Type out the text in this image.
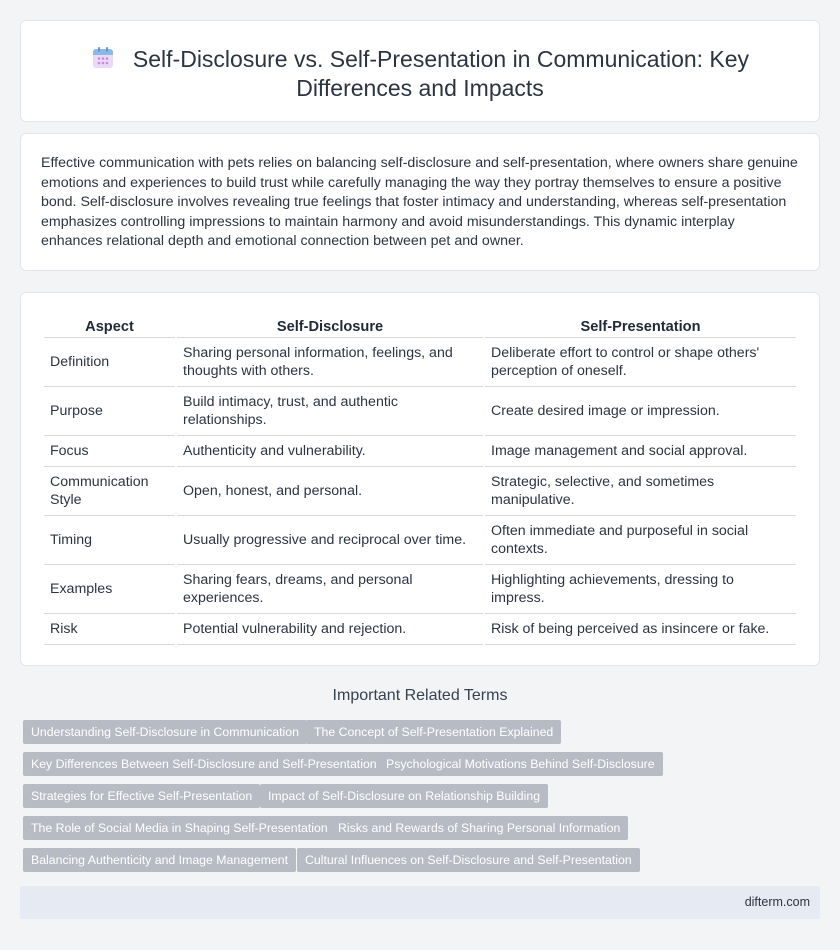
Self-Disclosure vs. Self-Presentation in Communication: Key
Differences and Impacts

Effective communication with pets relies on balancing self-disclosure and self-presentation, where owners share genuine emotions and experiences to build trust while carefully managing the way they portray themselves to ensure a positive bond. Self-disclosure involves revealing true feelings that foster intimacy and understanding, whereas self-presentation emphasizes controlling impressions to maintain harmony and avoid misunderstandings. This dynamic interplay enhances relational depth and emotional connection between pet and owner.

Aspect	Self-Disclosure	Self-Presentation
Definition	Sharing personal information, feelings, and thoughts with others.	Deliberate effort to control or shape others' perception of oneself.
Purpose	Build intimacy, trust, and authentic relationships.	Create desired image or impression.
Focus	Authenticity and vulnerability.	Image management and social approval.
Communication Style	Open, honest, and personal.	Strategic, selective, and sometimes manipulative.
Timing	Usually progressive and reciprocal over time.	Often immediate and purposeful in social contexts.
Examples	Sharing fears, dreams, and personal experiences.	Highlighting achievements, dressing to impress.
Risk	Potential vulnerability and rejection.	Risk of being perceived as insincere or fake.
Important Related Terms
Understanding Self-Disclosure in Communication	The Concept of Self-Presentation Explained
Key Differences Between Self-Disclosure and Self-Presentation Psychological Motivations Behind Self-Disclosure
Strategies for Effective Self-Presentation	Impact of Self-Disclosure on Relationship Building
The Role of Social Media in Shaping Self-Presentation Risks and Rewards of Sharing Personal Information
Balancing Authenticity and Image Management	Cultural Influences on Self-Disclosure and Self-Presentation
difterm.com
